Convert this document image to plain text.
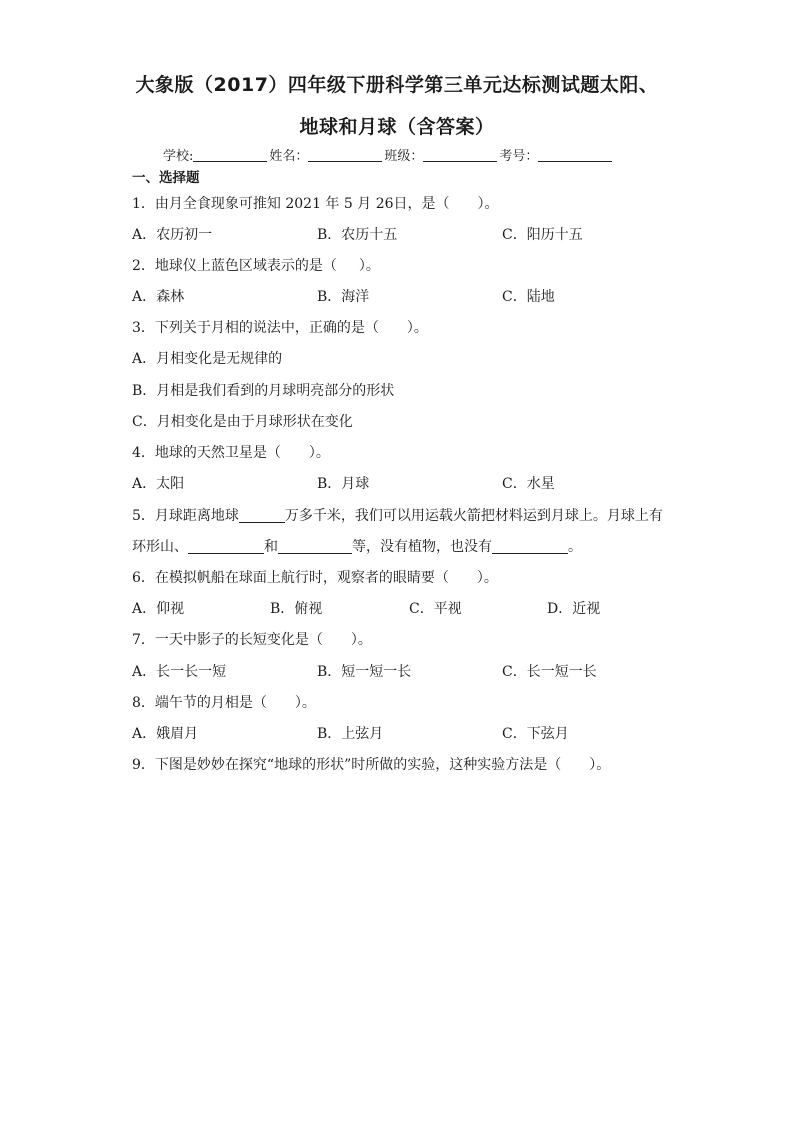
大象版（2017）四年级下册科学第三单元达标测试题太阳、
地球和月球（含答案）
学校:	姓名：	班级：	考号：
一、选择题
1．由月全食现象可推知 2021 年 5 月 26日，是（ ）。
A．农历初一	B．农历十五	C．阳历十五
2．地球仪上蓝色区域表示的是（ ）。
A．森林	B．海洋	C．陆地
3．下列关于月相的说法中，正确的是（ ）。
A．月相变化是无规律的
B．月相是我们看到的月球明亮部分的形状
C．月相变化是由于月球形状在变化
4．地球的天然卫星是（ ）。
A．太阳	B．月球	C．水星
5．月球距离地球	万多千米，我们可以用运载火箭把材料运到月球上。月球上有
环形山、	和	等，没有植物，也没有	。
6．在模拟帆船在球面上航行时，观察者的眼睛要（ ）。
A．仰视	B．俯视	C．平视	D．近视
7．一天中影子的长短变化是（ ）。
A．长一长一短	B．短一短一长	C．长一短一长
8．端午节的月相是（ ）。
A．娥眉月	B．上弦月	C．下弦月
9．下图是妙妙在探究“地球的形状”时所做的实验，这种实验方法是（ ）。
